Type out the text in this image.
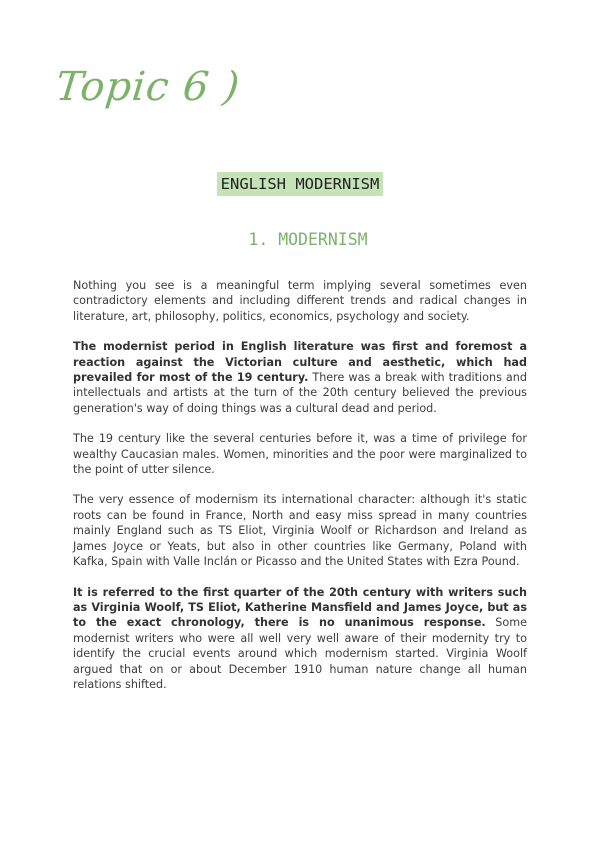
Topic 6 )
ENGLISH MODERNISM
1. MODERNISM

Nothing you see is a meaningful term implying several sometimes even contradictory elements and including different trends and radical changes in literature, art, philosophy, politics, economics, psychology and society.

The modernist period in English literature was first and foremost a reaction against the Victorian culture and aesthetic, which had prevailed for most of the 19 century. There was a break with traditions and intellectuals and artists at the turn of the 20th century believed the previous generation's way of doing things was a cultural dead and period.

The 19 century like the several centuries before it, was a time of privilege for wealthy Caucasian males. Women, minorities and the poor were marginalized to the point of utter silence.

The very essence of modernism its international character: although it's static roots can be found in France, North and easy miss spread in many countries mainly England such as TS Eliot, Virginia Woolf or Richardson and Ireland as James Joyce or Yeats, but also in other countries like Germany, Poland with Kafka, Spain with Valle Inclán or Picasso and the United States with Ezra Pound.

It is referred to the first quarter of the 20th century with writers such as Virginia Woolf, TS Eliot, Katherine Mansfield and James Joyce, but as to the exact chronology, there is no unanimous response. Some modernist writers who were all well very well aware of their modernity try to identify the crucial events around which modernism started. Virginia Woolf argued that on or about December 1910 human nature change all human relations shifted.
